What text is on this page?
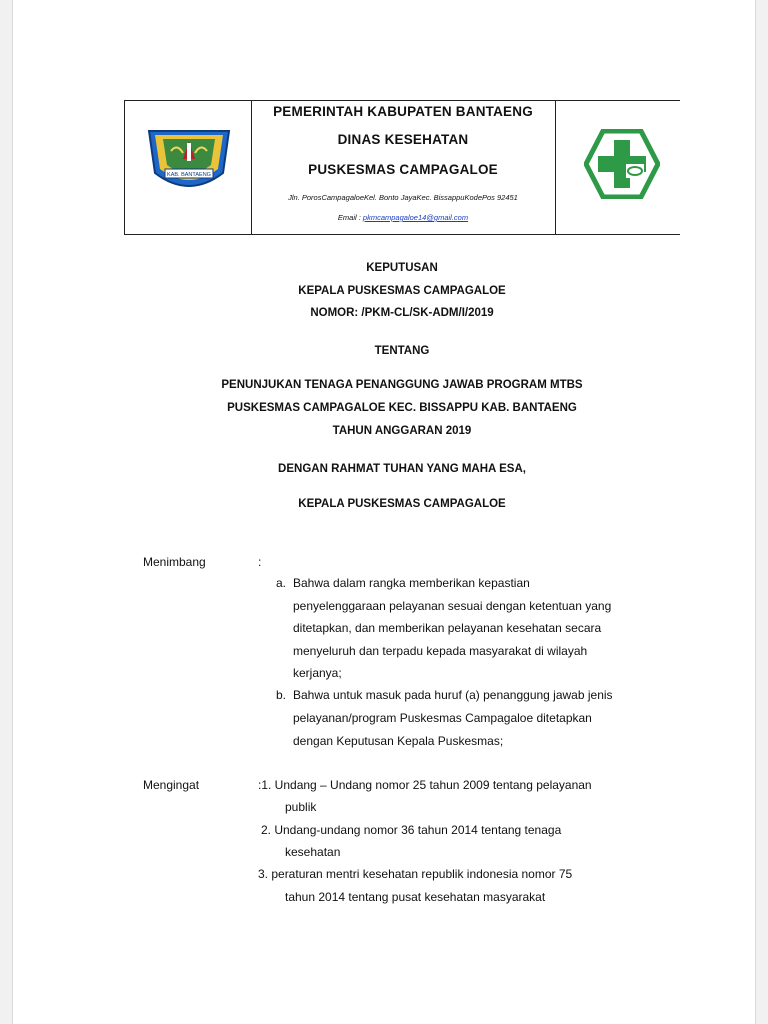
KAB. BANTAENG
PEMERINTAH KABUPATEN BANTAENG
DINAS KESEHATAN
PUSKESMAS CAMPAGALOE
Jln. PorosCampagaloeKel. Bonto JayaKec. BissappuKodePos 92451
Email : pkmcampagaloe14@gmail.com
KEPUTUSAN
KEPALA PUSKESMAS CAMPAGALOE
NOMOR: /PKM-CL/SK-ADM/I/2019
TENTANG
PENUNJUKAN TENAGA PENANGGUNG JAWAB PROGRAM MTBS
PUSKESMAS CAMPAGALOE KEC. BISSAPPU KAB. BANTAENG
TAHUN ANGGARAN 2019
DENGAN RAHMAT TUHAN YANG MAHA ESA,
KEPALA PUSKESMAS CAMPAGALOE
Menimbang	:
a. Bahwa dalam rangka memberikan kepastian
penyelenggaraan pelayanan sesuai dengan ketentuan yang
ditetapkan, dan memberikan pelayanan kesehatan secara
menyeluruh dan terpadu kepada masyarakat di wilayah
kerjanya;
b. Bahwa untuk masuk pada huruf (a) penanggung jawab jenis
pelayanan/program Puskesmas Campagaloe ditetapkan
dengan Keputusan Kepala Puskesmas;
Mengingat	:1. Undang – Undang nomor 25 tahun 2009 tentang pelayanan
publik
2. Undang-undang nomor 36 tahun 2014 tentang tenaga
kesehatan
3. peraturan mentri kesehatan republik indonesia nomor 75
tahun 2014 tentang pusat kesehatan masyarakat
